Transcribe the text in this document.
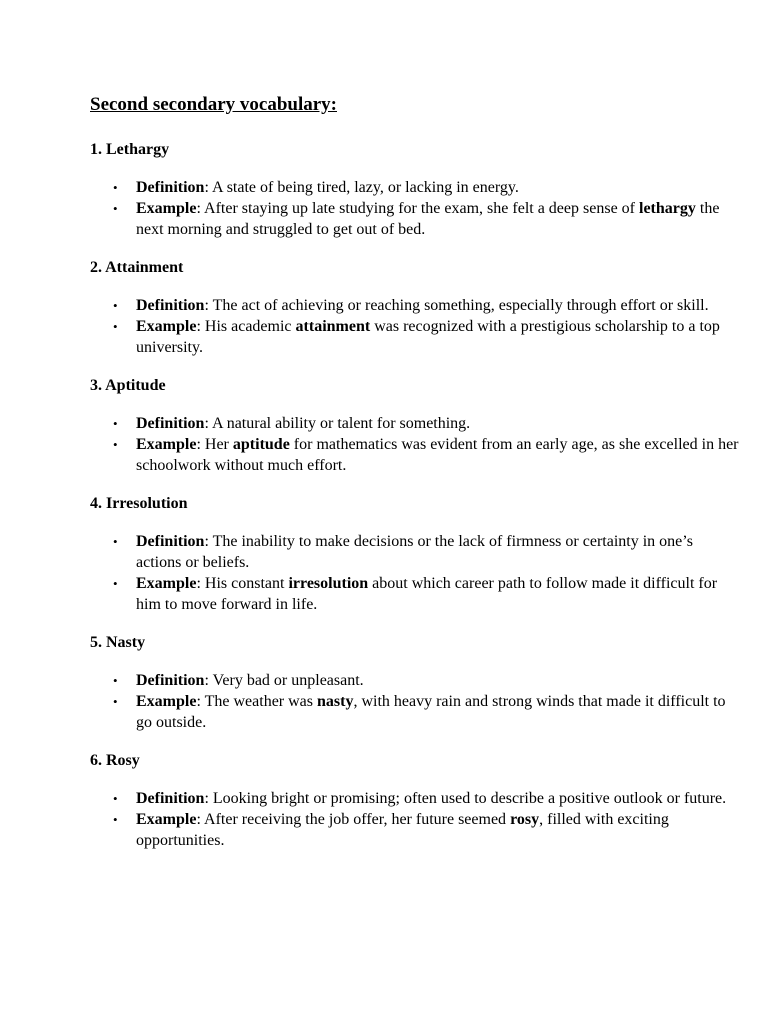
Second secondary vocabulary:

1. Lethargy

• Definition: A state of being tired, lazy, or lacking in energy.
• Example: After staying up late studying for the exam, she felt a deep sense of lethargy the next morning and struggled to get out of bed.

2. Attainment

• Definition: The act of achieving or reaching something, especially through effort or skill.
• Example: His academic attainment was recognized with a prestigious scholarship to a top university.

3. Aptitude

• Definition: A natural ability or talent for something.
• Example: Her aptitude for mathematics was evident from an early age, as she excelled in her schoolwork without much effort.

4. Irresolution

• Definition: The inability to make decisions or the lack of firmness or certainty in one’s actions or beliefs.
• Example: His constant irresolution about which career path to follow made it difficult for him to move forward in life.

5. Nasty

• Definition: Very bad or unpleasant.
• Example: The weather was nasty, with heavy rain and strong winds that made it difficult to go outside.

6. Rosy

• Definition: Looking bright or promising; often used to describe a positive outlook or future.
• Example: After receiving the job offer, her future seemed rosy, filled with exciting opportunities.
